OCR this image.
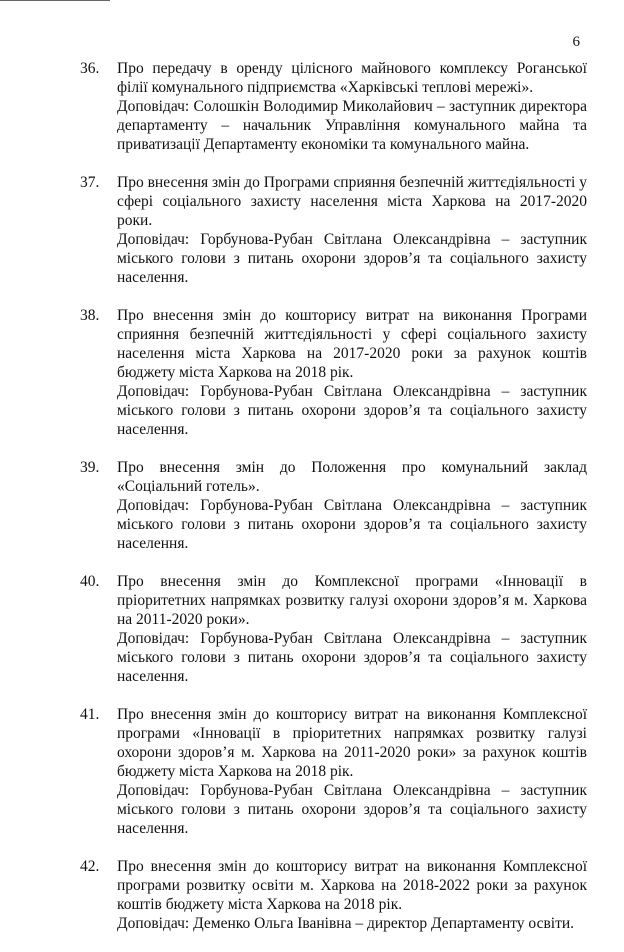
6
36.	Про передачу в оренду цілісного майнового комплексу Роганської філії комунального підприємства «Харківські теплові мережі».

Доповідач: Солошкін Володимир Миколайович – заступник директора департаменту – начальник Управління комунального майна та приватизації Департаменту економіки та комунального майна.

37.	Про внесення змін до Програми сприяння безпечній життєдіяльності у сфері соціального захисту населення міста Харкова на 2017-2020 роки.

Доповідач: Горбунова-Рубан Світлана Олександрівна – заступник міського голови з питань охорони здоров’я та соціального захисту населення.

38.	Про внесення змін до кошторису витрат на виконання Програми сприяння безпечній життєдіяльності у сфері соціального захисту населення міста Харкова на 2017-2020 роки за рахунок коштів бюджету міста Харкова на 2018 рік.

Доповідач: Горбунова-Рубан Світлана Олександрівна – заступник міського голови з питань охорони здоров’я та соціального захисту населення.

39.	Про внесення змін до Положення про комунальний заклад «Соціальний готель».

Доповідач: Горбунова-Рубан Світлана Олександрівна – заступник міського голови з питань охорони здоров’я та соціального захисту населення.

40.	Про внесення змін до Комплексної програми «Інновації в пріоритетних напрямках розвитку галузі охорони здоров’я м. Харкова на 2011-2020 роки».

Доповідач: Горбунова-Рубан Світлана Олександрівна – заступник міського голови з питань охорони здоров’я та соціального захисту населення.

41.	Про внесення змін до кошторису витрат на виконання Комплексної програми «Інновації в пріоритетних напрямках розвитку галузі охорони здоров’я м. Харкова на 2011-2020 роки» за рахунок коштів бюджету міста Харкова на 2018 рік.

Доповідач: Горбунова-Рубан Світлана Олександрівна – заступник міського голови з питань охорони здоров’я та соціального захисту населення.

42.	Про внесення змін до кошторису витрат на виконання Комплексної програми розвитку освіти м. Харкова на 2018-2022 роки за рахунок коштів бюджету міста Харкова на 2018 рік.

Доповідач: Деменко Ольга Іванівна – директор Департаменту освіти.
